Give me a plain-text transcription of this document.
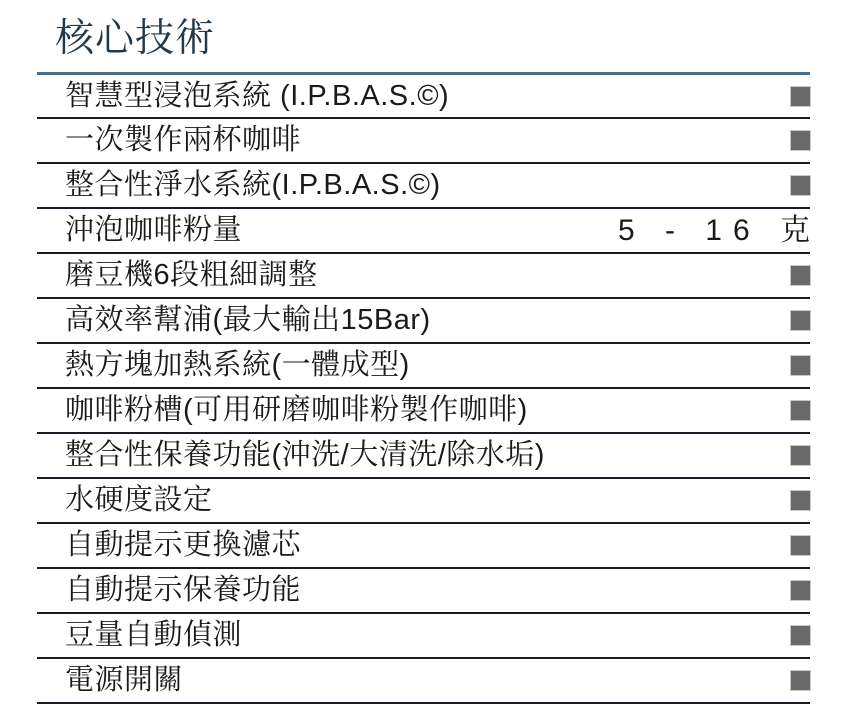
核心技術
智慧型浸泡系統 (I.P.B.A.S.©)
一次製作兩杯咖啡
整合性淨水系統(I.P.B.A.S.©)
沖泡咖啡粉量	5 - 16 克
磨豆機6段粗細調整
高效率幫浦(最大輸出15Bar)
熱方塊加熱系統(一體成型)
咖啡粉槽(可用研磨咖啡粉製作咖啡)
整合性保養功能(沖洗/大清洗/除水垢)
水硬度設定
自動提示更換濾芯
自動提示保養功能
豆量自動偵測
電源開關
